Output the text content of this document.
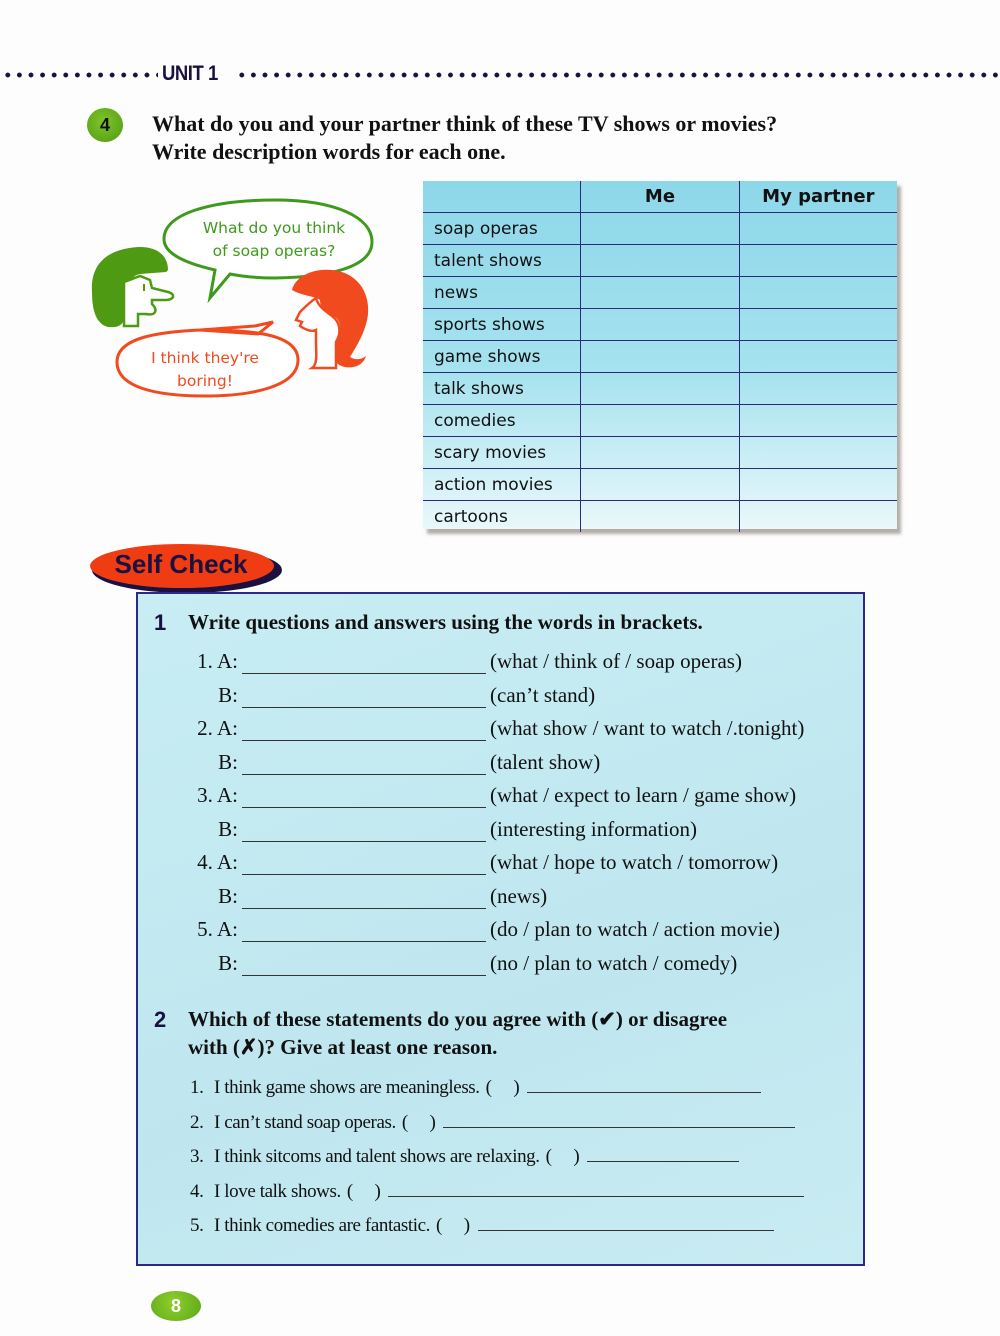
UNIT 1
4 What do you and your partner think of these TV shows or movies?
Write description words for each one.
What do you think
of soap operas?
I think they're
boring!
	Me	My partner
soap operas		
talent shows		
news		
sports shows		
game shows		
talk shows		
comedies		
scary movies		
action movies		
cartoons		
Self Check
1 Write questions and answers using the words in brackets.
1. A:	(what / think of / soap operas)
B:	(can’t stand)
2. A:	(what show / want to watch /.tonight)
B:	(talent show)
3. A:	(what / expect to learn / game show)
B:	(interesting information)
4. A:	(what / hope to watch / tomorrow)
B:	(news)
5. A:	(do / plan to watch / action movie)
B:	(no / plan to watch / comedy)
2 Which of these statements do you agree with (✔) or disagree
with (✗)? Give at least one reason.
1. I think game shows are meaningless. (     )
2. I can’t stand soap operas. (     )
3. I think sitcoms and talent shows are relaxing. (     )
4. I love talk shows. (     )
5. I think comedies are fantastic. (     )
8
